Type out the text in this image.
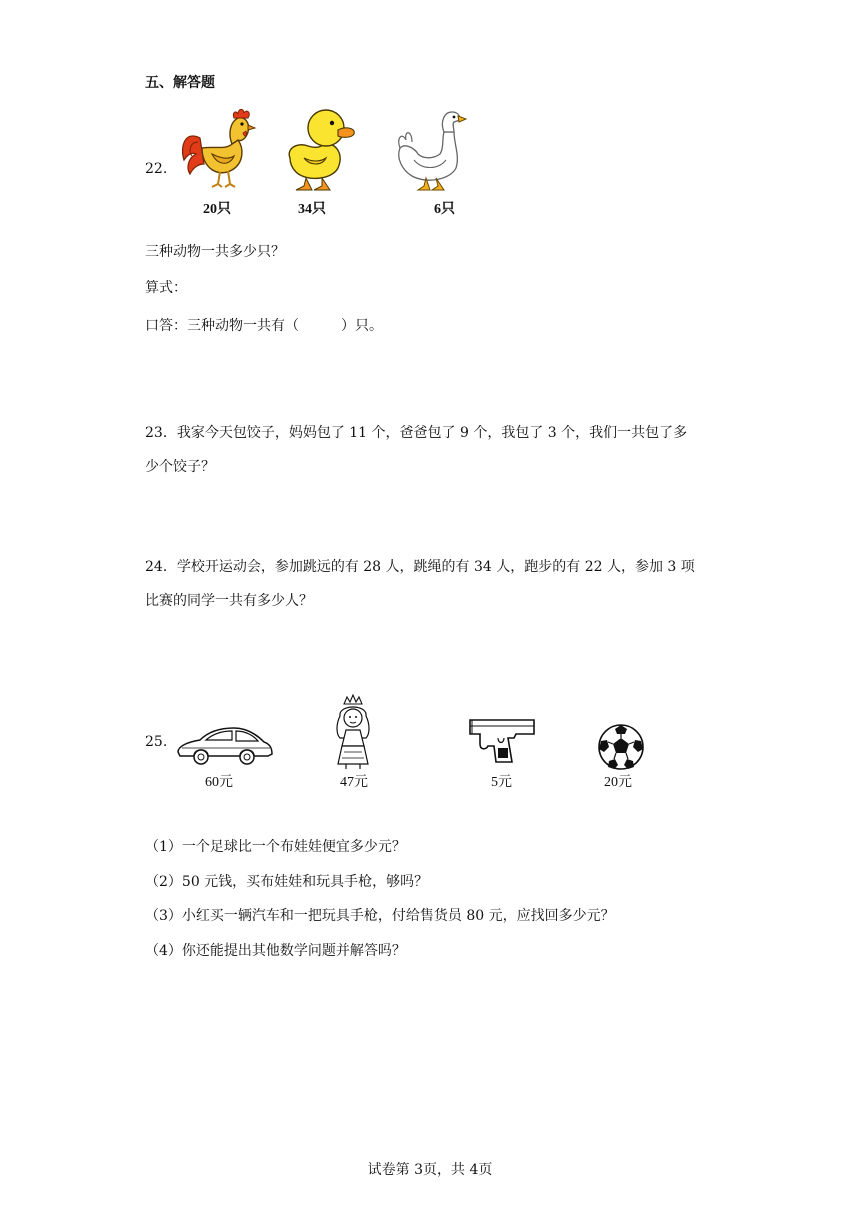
五、解答题
22.
20只	34只	6只
三种动物一共多少只？
算式：
口答：三种动物一共有（	）只。
23．我家今天包饺子，妈妈包了 11 个，爸爸包了 9 个，我包了 3 个，我们一共包了多
少个饺子？
24．学校开运动会，参加跳远的有 28 人，跳绳的有 34 人，跑步的有 22 人，参加 3 项
比赛的同学一共有多少人？
25.
60元	47元	5元	20元
（1）一个足球比一个布娃娃便宜多少元？
（2）50 元钱，买布娃娃和玩具手枪，够吗？
（3）小红买一辆汽车和一把玩具手枪，付给售货员 80 元，应找回多少元？
（4）你还能提出其他数学问题并解答吗？
试卷第 3页，共 4页
